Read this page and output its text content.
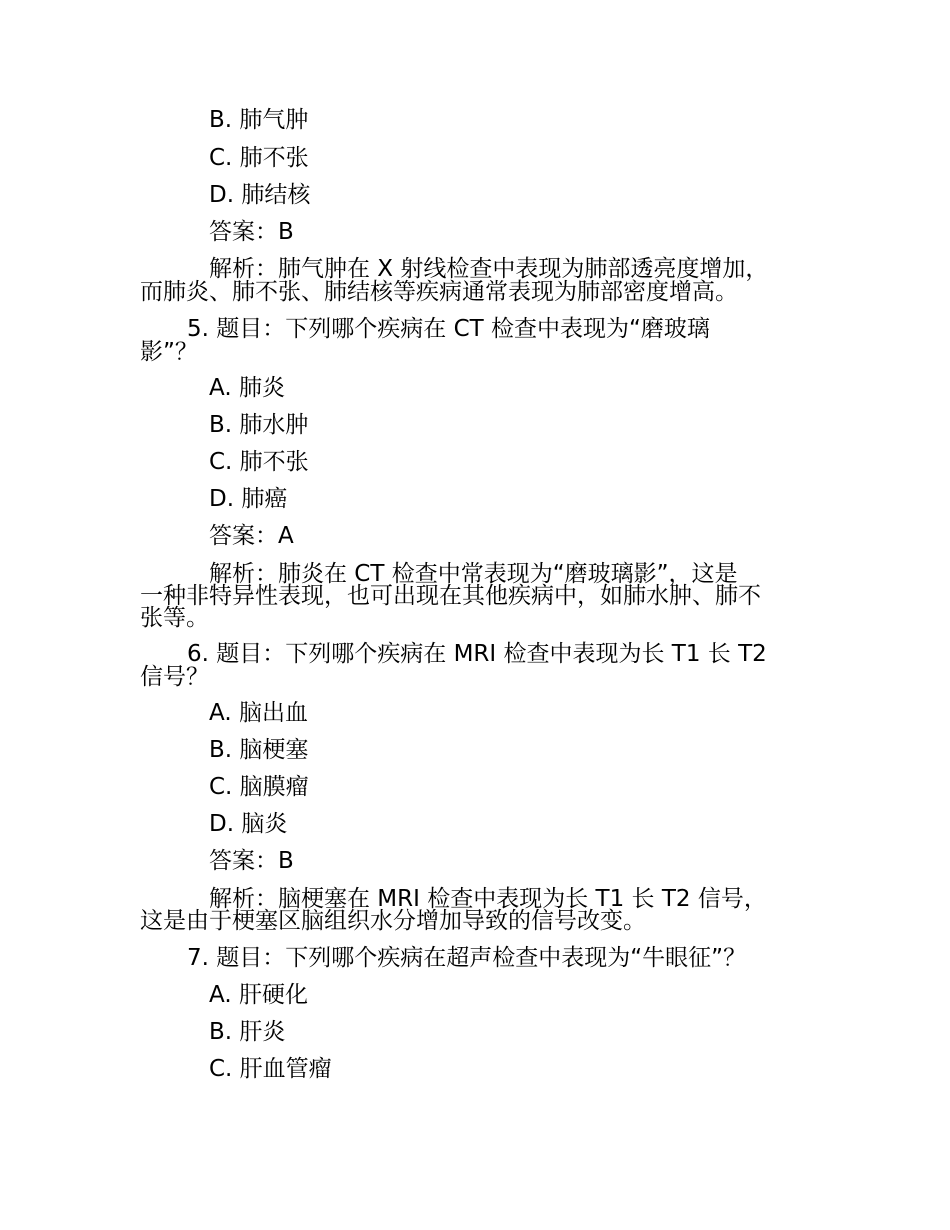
B. 肺气肿
C. 肺不张
D. 肺结核
答案：B
解析：肺气肿在 X 射线检查中表现为肺部透亮度增加，
而肺炎、肺不张、肺结核等疾病通常表现为肺部密度增高。
5. 题目：下列哪个疾病在 CT 检查中表现为“磨玻璃
影”？
A. 肺炎
B. 肺水肿
C. 肺不张
D. 肺癌
答案：A
解析：肺炎在 CT 检查中常表现为“磨玻璃影”，这是
一种非特异性表现，也可出现在其他疾病中，如肺水肿、肺不
张等。
6. 题目：下列哪个疾病在 MRI 检查中表现为长 T1 长 T2
信号？
A. 脑出血
B. 脑梗塞
C. 脑膜瘤
D. 脑炎
答案：B
解析：脑梗塞在 MRI 检查中表现为长 T1 长 T2 信号，
这是由于梗塞区脑组织水分增加导致的信号改变。
7. 题目：下列哪个疾病在超声检查中表现为“牛眼征”？
A. 肝硬化
B. 肝炎
C. 肝血管瘤
